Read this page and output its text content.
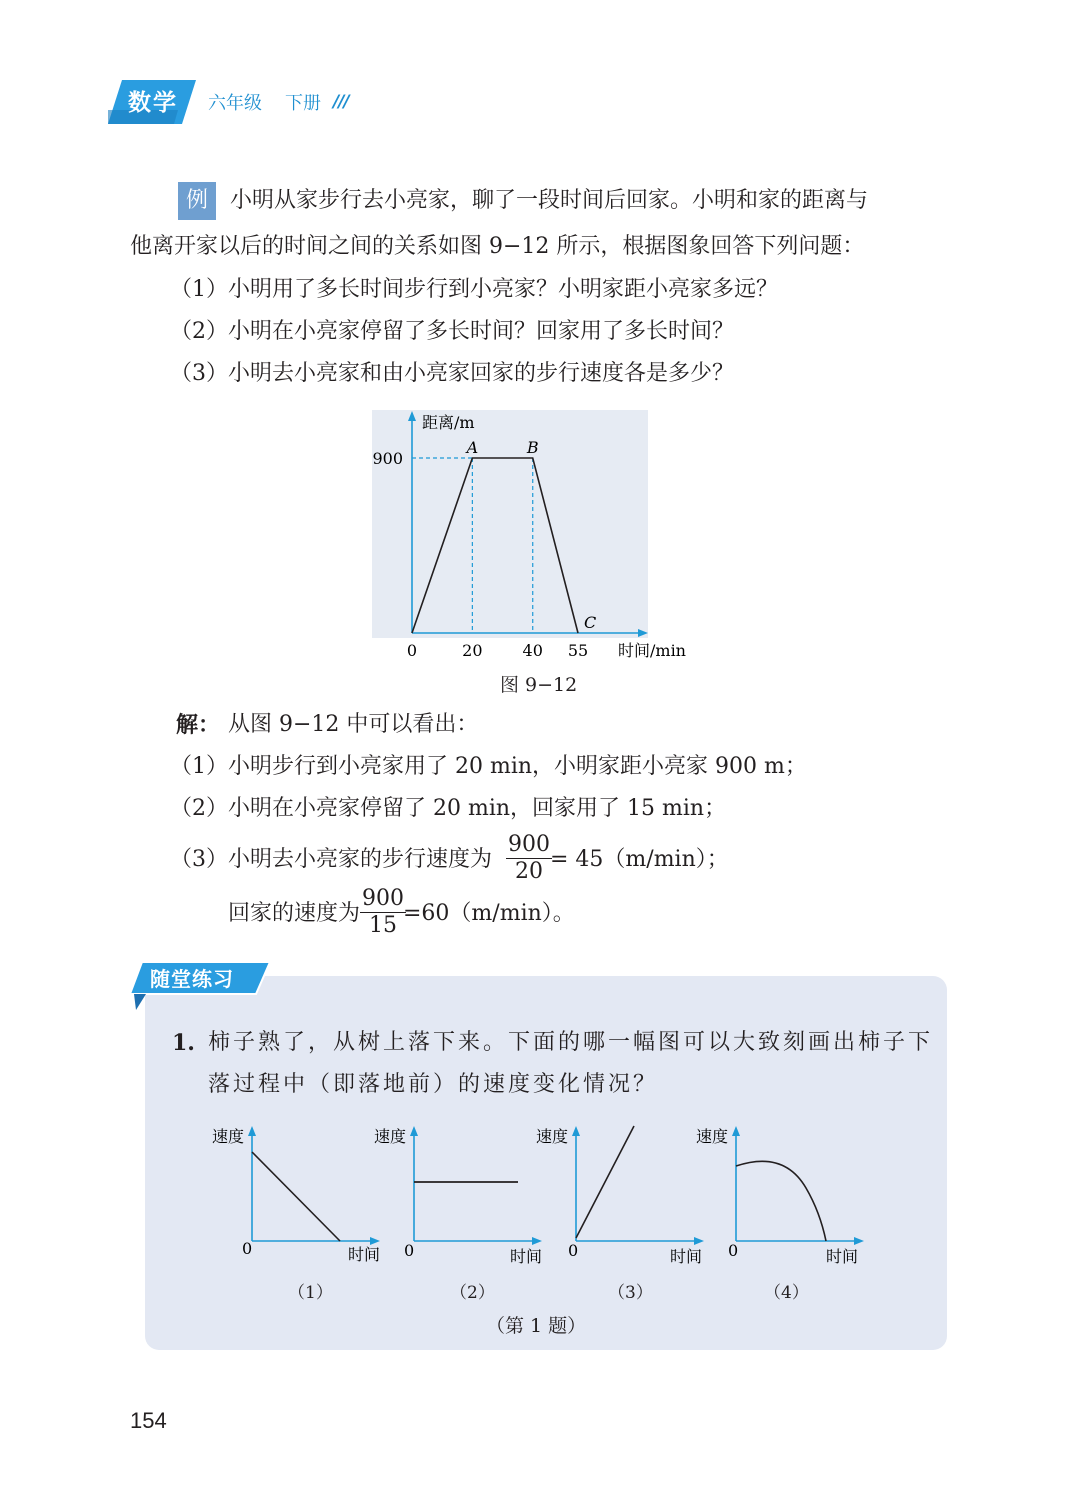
数学 六年级 下册 ///
例	小明从家步行去小亮家，聊了一段时间后回家。小明和家的距离与
他离开家以后的时间之间的关系如图 9−12 所示，根据图象回答下列问题：
（1）小明用了多长时间步行到小亮家？小明家距小亮家多远？
（2）小明在小亮家停留了多长时间？回家用了多长时间？
（3）小明去小亮家和由小亮家回家的步行速度各是多少？
0	20	40 55
900
A	B
C
距离/m
时间/min
图 9−12
解： 从图 9−12 中可以看出：
（1）小明步行到小亮家用了 20 min，小明家距小亮家 900 m；
（2）小明在小亮家停留了 20 min，回家用了 15 min；
（3）小明去小亮家的步行速度为
900
20 = 45（m/min）；
回家的速度为
900
15 =60（m/min）。
随堂练习
1. 柿子熟了，从树上落下来。下面的哪一幅图可以大致刻画出柿子下
落过程中（即落地前）的速度变化情况？
速度
0	时间
速度
0	时间
速度
0	时间
速度
0	时间
（1）	（2）	（3）	（4）
（第 1 题）
154
